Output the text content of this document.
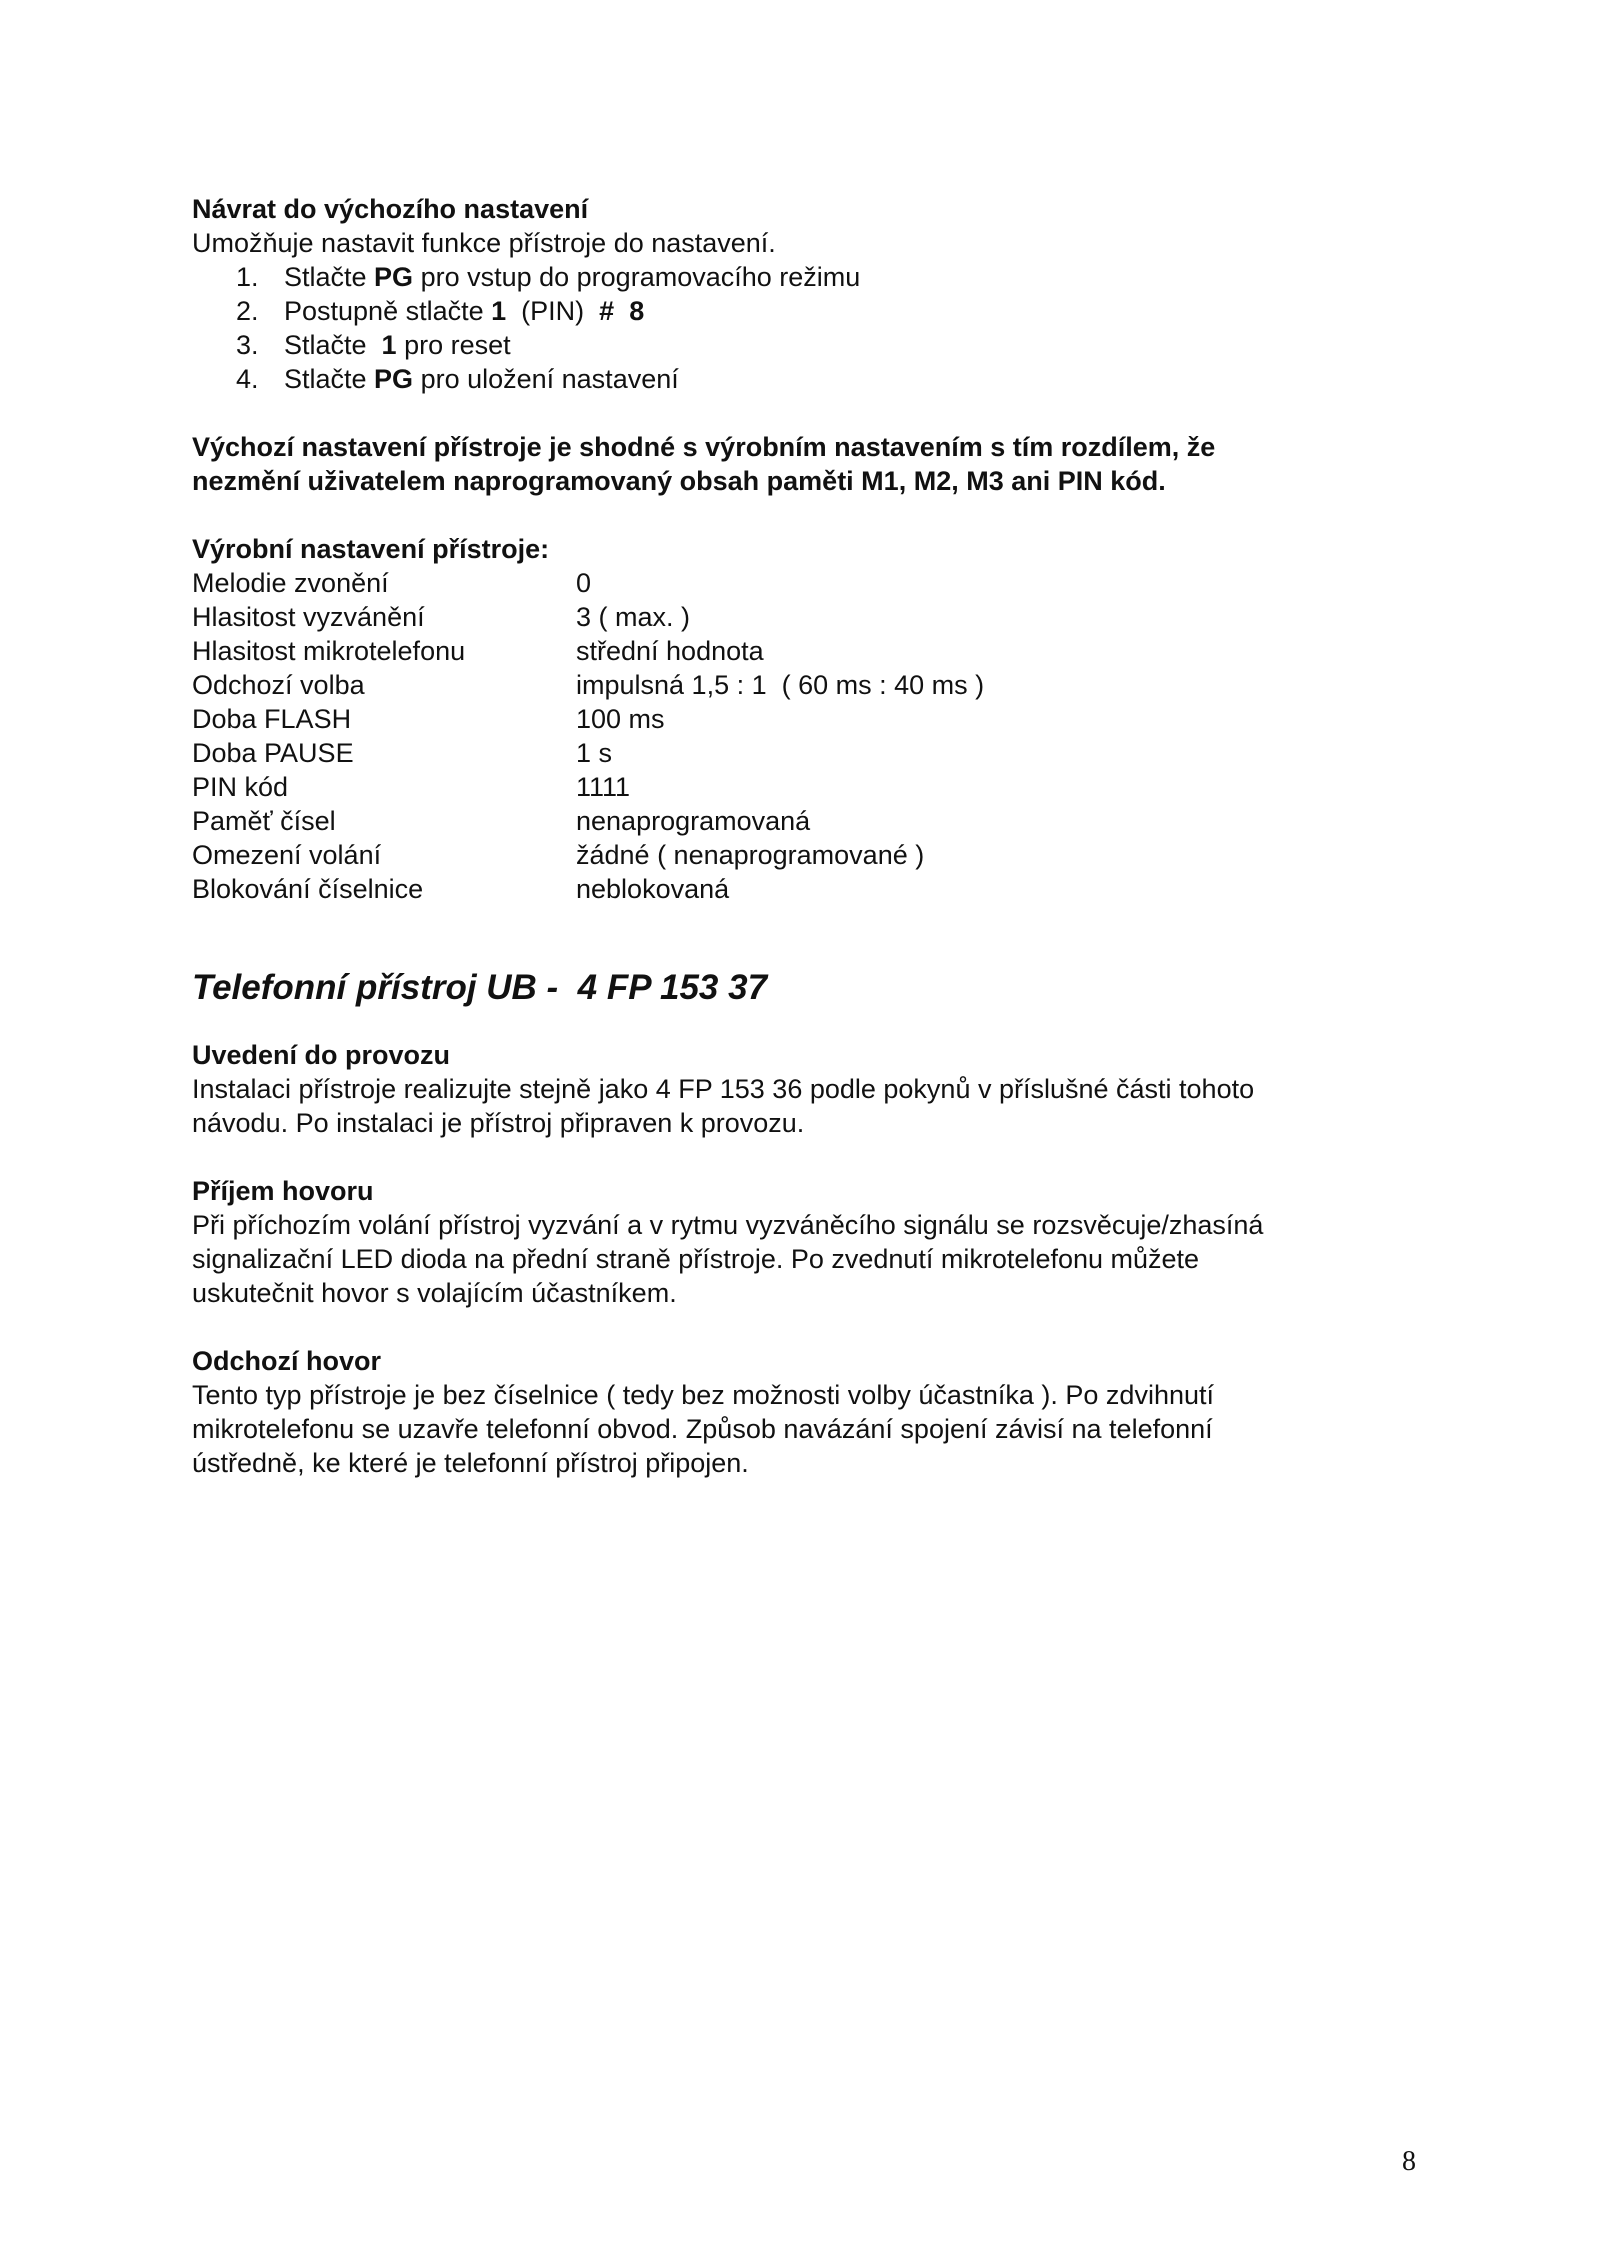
Návrat do výchozího nastavení

Umožňuje nastavit funkce přístroje do nastavení.

1. Stlačte PG pro vstup do programovacího režimu
2. Postupně stlačte 1  (PIN)  #  8
3. Stlačte  1 pro reset
4. Stlačte PG pro uložení nastavení

Výchozí nastavení přístroje je shodné s výrobním nastavením s tím rozdílem, že

nezmění uživatelem naprogramovaný obsah paměti M1, M2, M3 ani PIN kód.

Výrobní nastavení přístroje:

Melodie zvonění	0
Hlasitost vyzvánění	3 ( max. )
Hlasitost mikrotelefonu	střední hodnota
Odchozí volba	impulsná 1,5 : 1  ( 60 ms : 40 ms )
Doba FLASH	100 ms
Doba PAUSE	1 s
PIN kód	1111
Paměť čísel	nenaprogramovaná
Omezení volání	žádné ( nenaprogramované )
Blokování číselnice	neblokovaná

Telefonní přístroj UB -  4 FP 153 37

Uvedení do provozu

Instalaci přístroje realizujte stejně jako 4 FP 153 36 podle pokynů v příslušné části tohoto

návodu. Po instalaci je přístroj připraven k provozu.

Příjem hovoru

Při příchozím volání přístroj vyzvání a v rytmu vyzváněcího signálu se rozsvěcuje/zhasíná

signalizační LED dioda na přední straně přístroje. Po zvednutí mikrotelefonu můžete

uskutečnit hovor s volajícím účastníkem.

Odchozí hovor

Tento typ přístroje je bez číselnice ( tedy bez možnosti volby účastníka ). Po zdvihnutí

mikrotelefonu se uzavře telefonní obvod. Způsob navázání spojení závisí na telefonní

ústředně, ke které je telefonní přístroj připojen.

8
